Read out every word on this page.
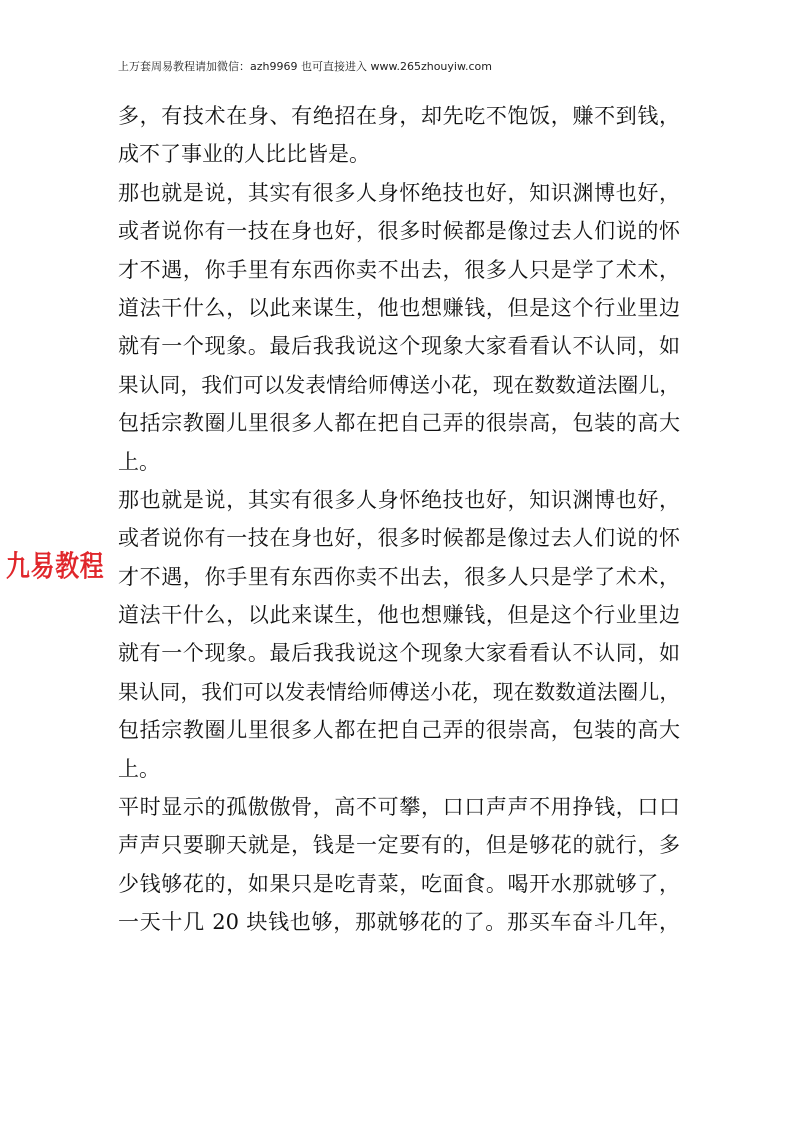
上万套周易教程请加微信：azh9969 也可直接进入 www.265zhouyiw.com
多，有技术在身、有绝招在身，却先吃不饱饭，赚不到钱，
成不了事业的人比比皆是。
那也就是说，其实有很多人身怀绝技也好，知识渊博也好，
或者说你有一技在身也好，很多时候都是像过去人们说的怀
才不遇，你手里有东西你卖不出去，很多人只是学了术术，
道法干什么，以此来谋生，他也想赚钱，但是这个行业里边
就有一个现象。最后我我说这个现象大家看看认不认同，如
果认同，我们可以发表情给师傅送小花，现在数数道法圈儿，
包括宗教圈儿里很多人都在把自己弄的很崇高，包装的高大
上。
那也就是说，其实有很多人身怀绝技也好，知识渊博也好，
或者说你有一技在身也好，很多时候都是像过去人们说的怀
才不遇，你手里有东西你卖不出去，很多人只是学了术术，
道法干什么，以此来谋生，他也想赚钱，但是这个行业里边
就有一个现象。最后我我说这个现象大家看看认不认同，如
果认同，我们可以发表情给师傅送小花，现在数数道法圈儿，
包括宗教圈儿里很多人都在把自己弄的很崇高，包装的高大
上。
平时显示的孤傲傲骨，高不可攀，口口声声不用挣钱，口口
声声只要聊天就是，钱是一定要有的，但是够花的就行，多
少钱够花的，如果只是吃青菜，吃面食。喝开水那就够了，
一天十几 20 块钱也够，那就够花的了。那买车奋斗几年，
九易教程
